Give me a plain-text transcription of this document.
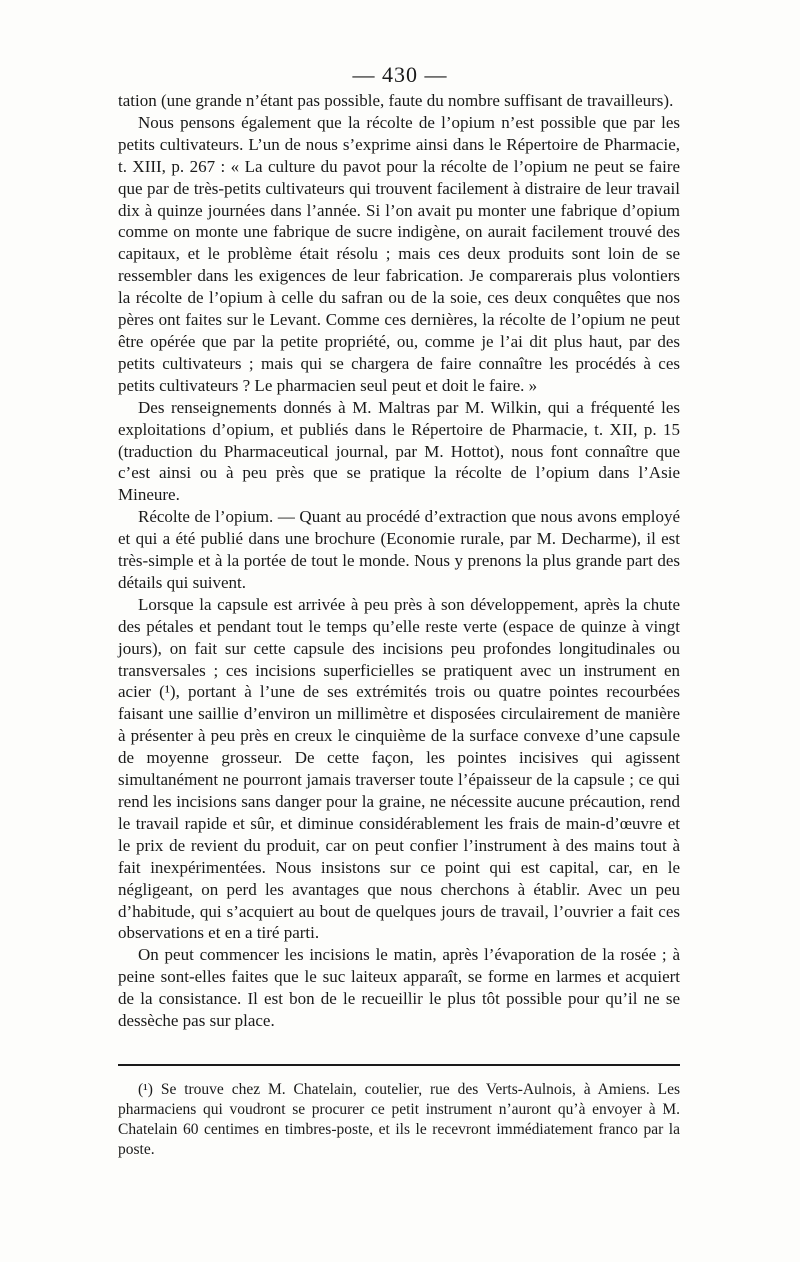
— 430 —

tation (une grande n’étant pas possible, faute du nombre suffisant de travailleurs).

Nous pensons également que la récolte de l’opium n’est possible que par les petits cultivateurs. L’un de nous s’exprime ainsi dans le Répertoire de Pharmacie, t. XIII, p. 267 : « La culture du pavot pour la récolte de l’opium ne peut se faire que par de très-petits cultivateurs qui trouvent facilement à distraire de leur travail dix à quinze journées dans l’année. Si l’on avait pu monter une fabrique d’opium comme on monte une fabrique de sucre indigène, on aurait facilement trouvé des capitaux, et le problème était résolu ; mais ces deux produits sont loin de se ressembler dans les exigences de leur fabrication. Je comparerais plus volontiers la récolte de l’opium à celle du safran ou de la soie, ces deux conquêtes que nos pères ont faites sur le Levant. Comme ces dernières, la récolte de l’opium ne peut être opérée que par la petite propriété, ou, comme je l’ai dit plus haut, par des petits cultivateurs ; mais qui se chargera de faire connaître les procédés à ces petits cultivateurs ? Le pharmacien seul peut et doit le faire. »

Des renseignements donnés à M. Maltras par M. Wilkin, qui a fréquenté les exploitations d’opium, et publiés dans le Répertoire de Pharmacie, t. XII, p. 15 (traduction du Pharmaceutical journal, par M. Hottot), nous font connaître que c’est ainsi ou à peu près que se pratique la récolte de l’opium dans l’Asie Mineure.

Récolte de l’opium. — Quant au procédé d’extraction que nous avons employé et qui a été publié dans une brochure (Economie rurale, par M. Decharme), il est très-simple et à la portée de tout le monde. Nous y prenons la plus grande part des détails qui suivent.

Lorsque la capsule est arrivée à peu près à son développement, après la chute des pétales et pendant tout le temps qu’elle reste verte (espace de quinze à vingt jours), on fait sur cette capsule des incisions peu profondes longitudinales ou transversales ; ces incisions superficielles se pratiquent avec un instrument en acier (¹), portant à l’une de ses extrémités trois ou quatre pointes recourbées faisant une saillie d’environ un millimètre et disposées circulairement de manière à présenter à peu près en creux le cinquième de la surface convexe d’une capsule de moyenne grosseur. De cette façon, les pointes incisives qui agissent simultanément ne pourront jamais traverser toute l’épaisseur de la capsule ; ce qui rend les incisions sans danger pour la graine, ne nécessite aucune précaution, rend le travail rapide et sûr, et diminue considérablement les frais de main-d’œuvre et le prix de revient du produit, car on peut confier l’instrument à des mains tout à fait inexpérimentées. Nous insistons sur ce point qui est capital, car, en le négligeant, on perd les avantages que nous cherchons à établir. Avec un peu d’habitude, qui s’acquiert au bout de quelques jours de travail, l’ouvrier a fait ces observations et en a tiré parti.

On peut commencer les incisions le matin, après l’évaporation de la rosée ; à peine sont-elles faites que le suc laiteux apparaît, se forme en larmes et acquiert de la consistance. Il est bon de le recueillir le plus tôt possible pour qu’il ne se dessèche pas sur place.

(¹) Se trouve chez M. Chatelain, coutelier, rue des Verts-Aulnois, à Amiens. Les pharmaciens qui voudront se procurer ce petit instrument n’auront qu’à envoyer à M. Chatelain 60 centimes en timbres-poste, et ils le recevront immédiatement franco par la poste.
